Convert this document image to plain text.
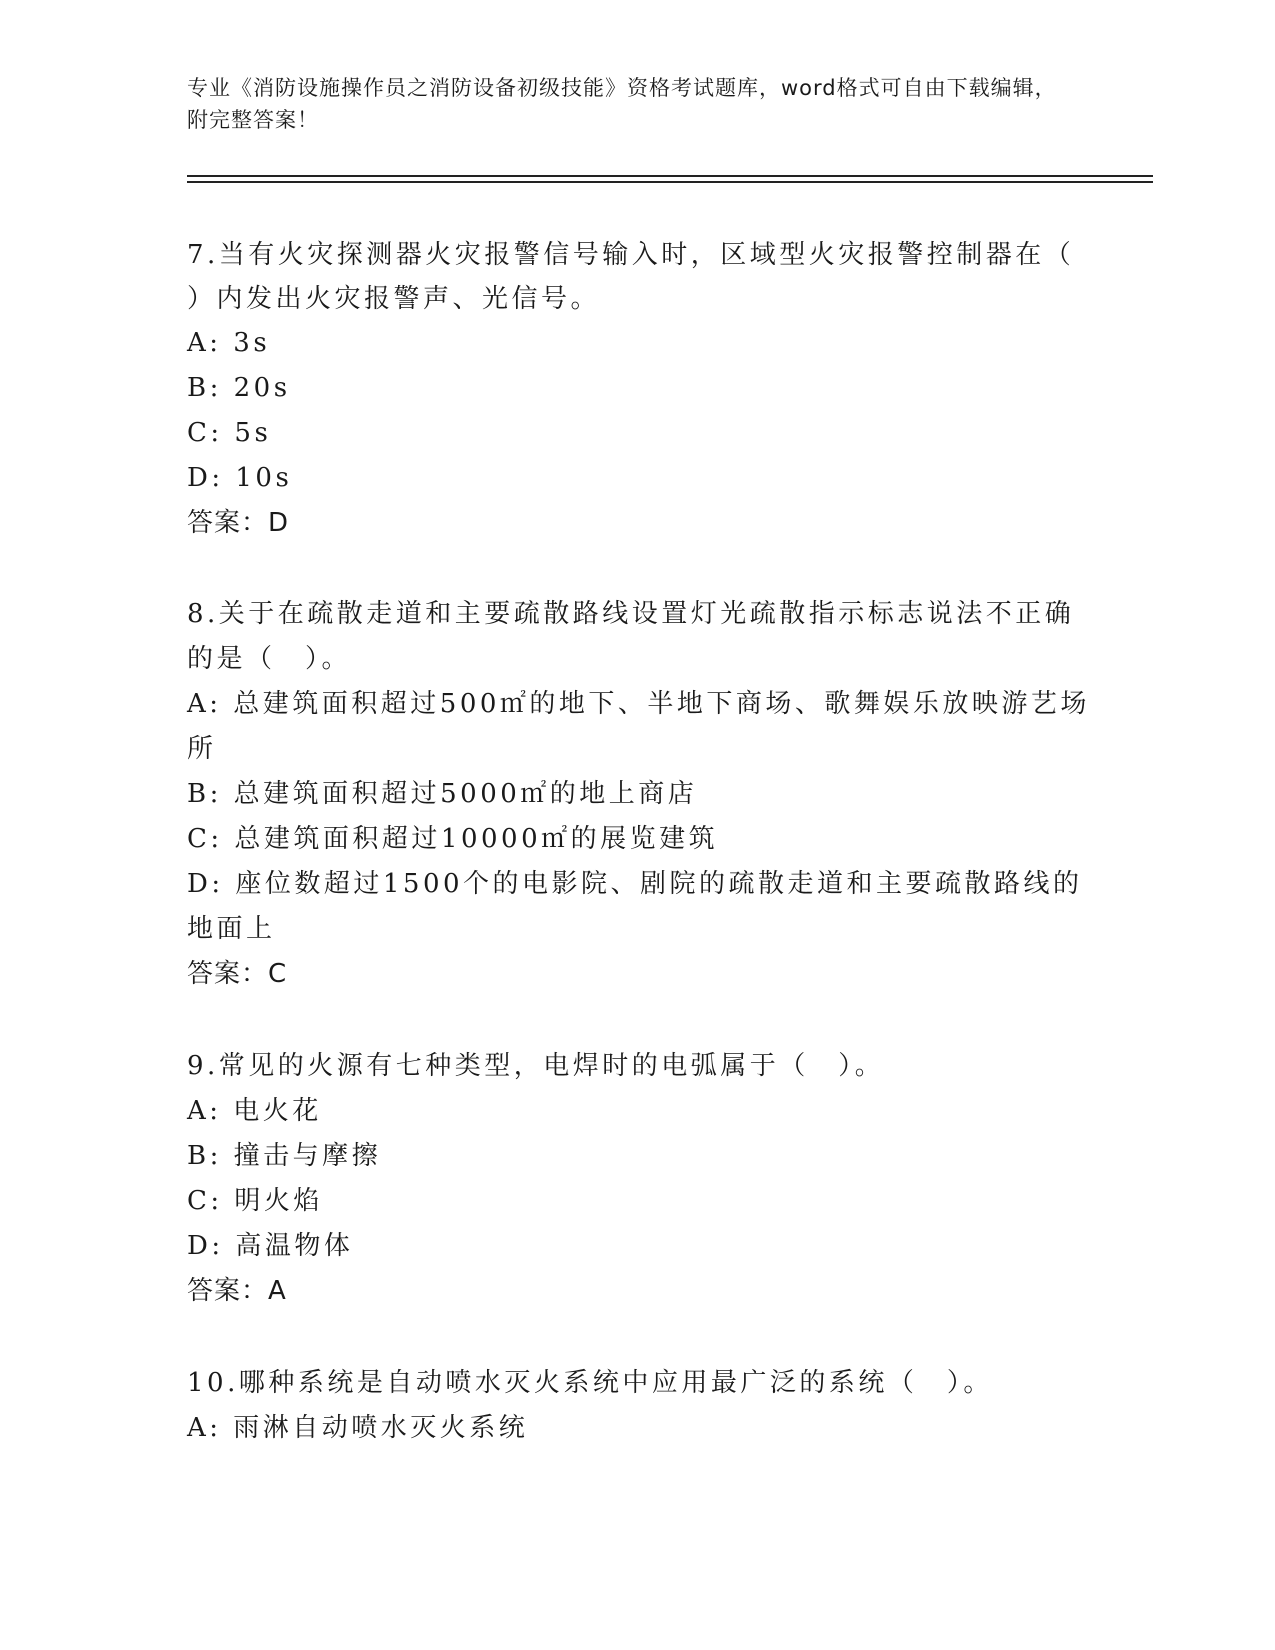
专业《消防设施操作员之消防设备初级技能》资格考试题库，word格式可自由下载编辑，附完整答案！
7.当有火灾探测器火灾报警信号输入时，区域型火灾报警控制器在（
）内发出火灾报警声、光信号。
A: 3s
B: 20s
C: 5s
D: 10s
答案：D
8.关于在疏散走道和主要疏散路线设置灯光疏散指示标志说法不正确
的是（　）。
A: 总建筑面积超过500㎡的地下、半地下商场、歌舞娱乐放映游艺场
所
B: 总建筑面积超过5000㎡的地上商店
C: 总建筑面积超过10000㎡的展览建筑
D: 座位数超过1500个的电影院、剧院的疏散走道和主要疏散路线的
地面上
答案：C
9.常见的火源有七种类型，电焊时的电弧属于（　）。
A: 电火花
B: 撞击与摩擦
C: 明火焰
D: 高温物体
答案：A
10.哪种系统是自动喷水灭火系统中应用最广泛的系统（　）。
A: 雨淋自动喷水灭火系统
